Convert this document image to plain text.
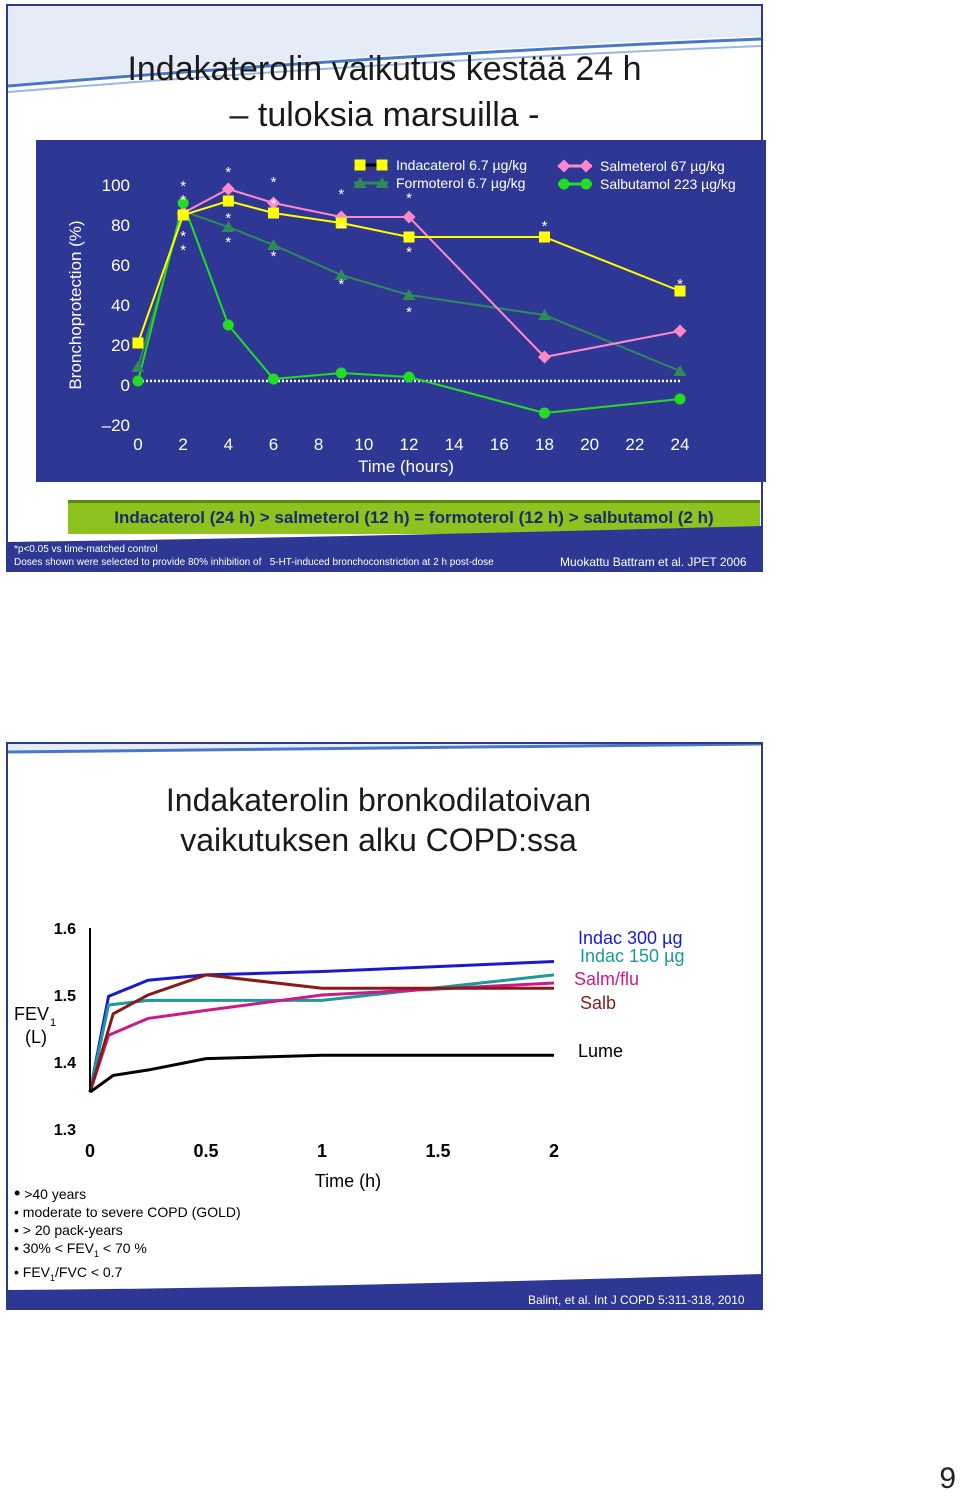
Indakaterolin vaikutus kestää 24 h
– tuloksia marsuilla -
100
80
60
40
20
0
–20
0 2 4 6 8 10 12 14 16 18 20 22 24
Time (hours)
Bronchoprotection (%)
*
*
*
*
*
*
*
*
*
*
*
*
*
*
*
*
*
*
Indacaterol 6.7 µg/kg
Formoterol 6.7 µg/kg
Salmeterol 67 µg/kg
Salbutamol 223 µg/kg
Indacaterol (24 h) > salmeterol (12 h) = formoterol (12 h) > salbutamol (2 h)
*p<0.05 vs time-matched control
Doses shown were selected to provide 80% inhibition of   5-HT-induced bronchoconstriction at 2 h post-dose	Muokattu Battram et al. JPET 2006
Indakaterolin bronkodilatoivan
vaikutuksen alku COPD:ssa
1.6
1.5
1.4
1.3
0	0.5	1	1.5	2
Time (h)
FEV 1
(L)
Indac 300 µg
Indac 150 µg
Salm/flu
Salb
Lume
• >40 years
• moderate to severe COPD (GOLD)
• > 20 pack-years
• $30\% < FEV_1 < 70$ %
• $FEV_1$/FVC < 0.7
Balint, et al. Int J COPD 5:311-318, 2010
9
